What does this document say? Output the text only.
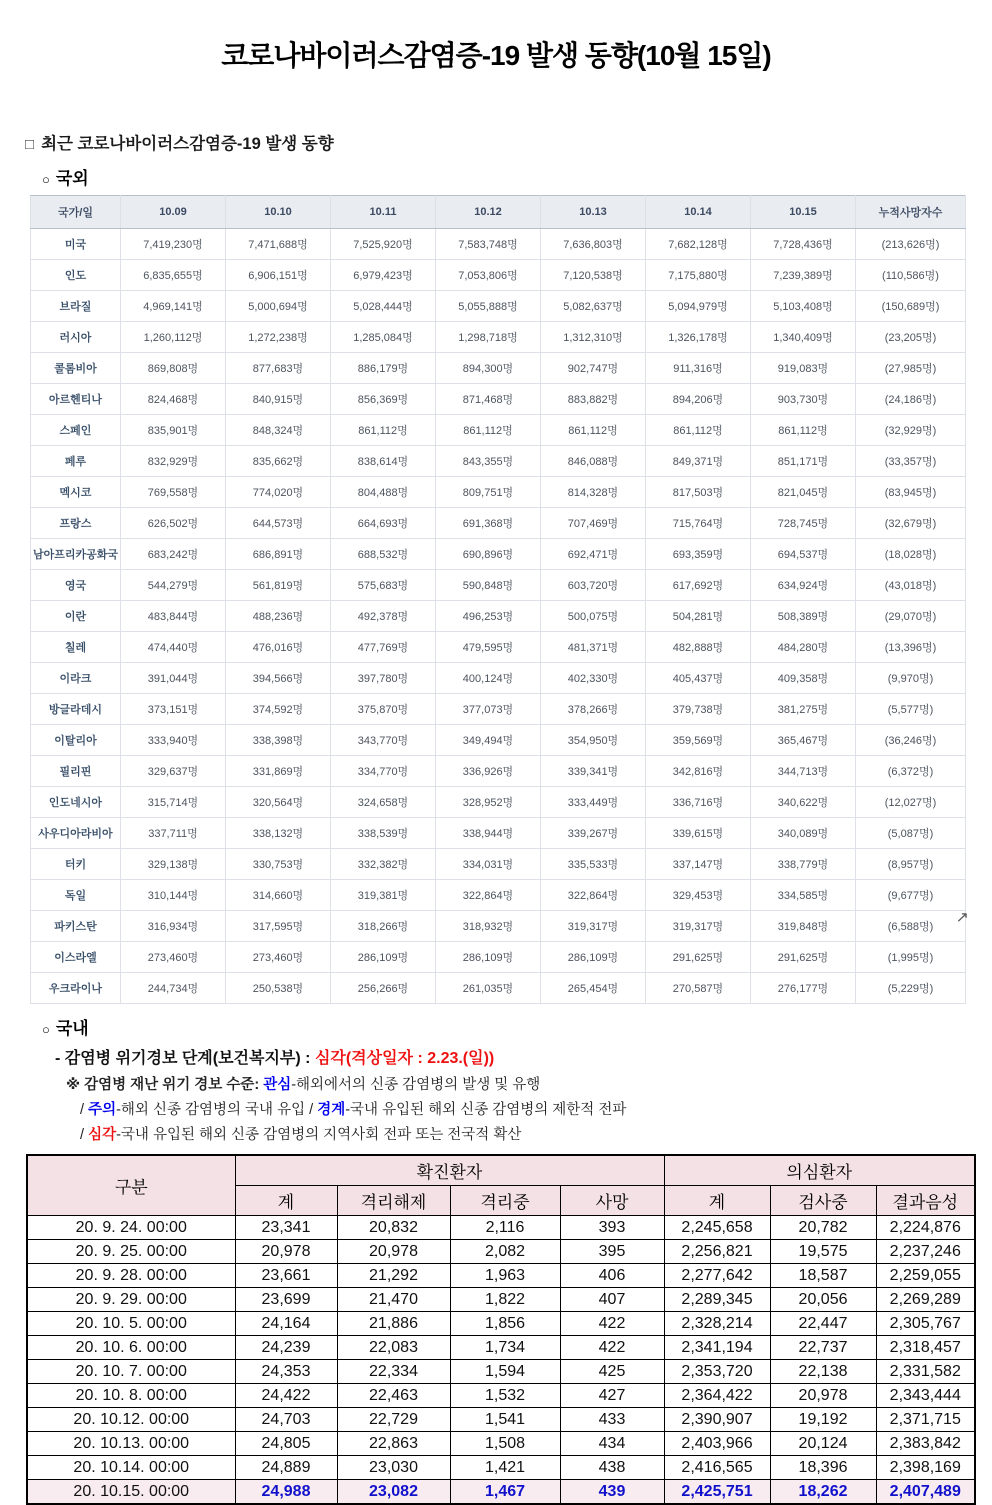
코로나바이러스감염증-19 발생 동향(10월 15일)
□ 최근 코로나바이러스감염증-19 발생 동향
○ 국외
국가/일	10.09	10.10	10.11	10.12	10.13	10.14	10.15	누적사망자수
미국	7,419,230명	7,471,688명	7,525,920명	7,583,748명	7,636,803명	7,682,128명	7,728,436명	(213,626명)
인도	6,835,655명	6,906,151명	6,979,423명	7,053,806명	7,120,538명	7,175,880명	7,239,389명	(110,586명)
브라질	4,969,141명	5,000,694명	5,028,444명	5,055,888명	5,082,637명	5,094,979명	5,103,408명	(150,689명)
러시아	1,260,112명	1,272,238명	1,285,084명	1,298,718명	1,312,310명	1,326,178명	1,340,409명	(23,205명)
콜롬비아	869,808명	877,683명	886,179명	894,300명	902,747명	911,316명	919,083명	(27,985명)
아르헨티나	824,468명	840,915명	856,369명	871,468명	883,882명	894,206명	903,730명	(24,186명)
스페인	835,901명	848,324명	861,112명	861,112명	861,112명	861,112명	861,112명	(32,929명)
페루	832,929명	835,662명	838,614명	843,355명	846,088명	849,371명	851,171명	(33,357명)
멕시코	769,558명	774,020명	804,488명	809,751명	814,328명	817,503명	821,045명	(83,945명)
프랑스	626,502명	644,573명	664,693명	691,368명	707,469명	715,764명	728,745명	(32,679명)
남아프리카공화국	683,242명	686,891명	688,532명	690,896명	692,471명	693,359명	694,537명	(18,028명)
영국	544,279명	561,819명	575,683명	590,848명	603,720명	617,692명	634,924명	(43,018명)
이란	483,844명	488,236명	492,378명	496,253명	500,075명	504,281명	508,389명	(29,070명)
칠레	474,440명	476,016명	477,769명	479,595명	481,371명	482,888명	484,280명	(13,396명)
이라크	391,044명	394,566명	397,780명	400,124명	402,330명	405,437명	409,358명	(9,970명)
방글라데시	373,151명	374,592명	375,870명	377,073명	378,266명	379,738명	381,275명	(5,577명)
이탈리아	333,940명	338,398명	343,770명	349,494명	354,950명	359,569명	365,467명	(36,246명)
필리핀	329,637명	331,869명	334,770명	336,926명	339,341명	342,816명	344,713명	(6,372명)
인도네시아	315,714명	320,564명	324,658명	328,952명	333,449명	336,716명	340,622명	(12,027명)
사우디아라비아	337,711명	338,132명	338,539명	338,944명	339,267명	339,615명	340,089명	(5,087명)
터키	329,138명	330,753명	332,382명	334,031명	335,533명	337,147명	338,779명	(8,957명)
독일	310,144명	314,660명	319,381명	322,864명	322,864명	329,453명	334,585명	(9,677명)
파키스탄	316,934명	317,595명	318,266명	318,932명	319,317명	319,317명	319,848명	(6,588명)
이스라엘	273,460명	273,460명	286,109명	286,109명	286,109명	291,625명	291,625명	(1,995명)
우크라이나	244,734명	250,538명	256,266명	261,035명	265,454명	270,587명	276,177명	(5,229명)
↗
○ 국내
- 감염병 위기경보 단계(보건복지부) : 심각(격상일자 : 2.23.(일))
※ 감염병 재난 위기 경보 수준: 관심-해외에서의 신종 감염병의 발생 및 유행
/ 주의-해외 신종 감염병의 국내 유입 / 경계-국내 유입된 해외 신종 감염병의 제한적 전파
/ 심각-국내 유입된 해외 신종 감염병의 지역사회 전파 또는 전국적 확산
구분	확진환자				의심환자		
	계	격리해제	격리중	사망	계	검사중	결과음성
20. 9. 24. 00:00	23,341	20,832	2,116	393	2,245,658	20,782	2,224,876
20. 9. 25. 00:00	20,978	20,978	2,082	395	2,256,821	19,575	2,237,246
20. 9. 28. 00:00	23,661	21,292	1,963	406	2,277,642	18,587	2,259,055
20. 9. 29. 00:00	23,699	21,470	1,822	407	2,289,345	20,056	2,269,289
20. 10. 5. 00:00	24,164	21,886	1,856	422	2,328,214	22,447	2,305,767
20. 10. 6. 00:00	24,239	22,083	1,734	422	2,341,194	22,737	2,318,457
20. 10. 7. 00:00	24,353	22,334	1,594	425	2,353,720	22,138	2,331,582
20. 10. 8. 00:00	24,422	22,463	1,532	427	2,364,422	20,978	2,343,444
20. 10.12. 00:00	24,703	22,729	1,541	433	2,390,907	19,192	2,371,715
20. 10.13. 00:00	24,805	22,863	1,508	434	2,403,966	20,124	2,383,842
20. 10.14. 00:00	24,889	23,030	1,421	438	2,416,565	18,396	2,398,169
20. 10.15. 00:00	24,988	23,082	1,467	439	2,425,751	18,262	2,407,489
